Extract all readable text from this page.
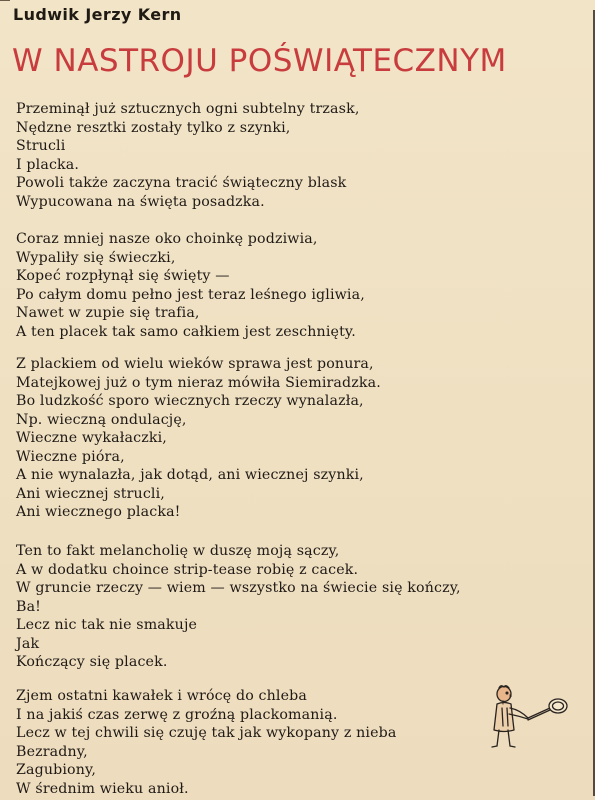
Ludwik Jerzy Kern
W NASTROJU POŚWIĄTECZNYM
Przeminął już sztucznych ogni subtelny trzask,
Nędzne resztki zostały tylko z szynki,
Strucli
I placka.
Powoli także zaczyna tracić świąteczny blask
Wypucowana na święta posadzka.
Coraz mniej nasze oko choinkę podziwia,
Wypaliły się świeczki,
Kopeć rozpłynął się święty —
Po całym domu pełno jest teraz leśnego igliwia,
Nawet w zupie się trafia,
A ten placek tak samo całkiem jest zeschnięty.
Z plackiem od wielu wieków sprawa jest ponura,
Matejkowej już o tym nieraz mówiła Siemiradzka.
Bo ludzkość sporo wiecznych rzeczy wynalazła,
Np. wieczną ondulację,
Wieczne wykałaczki,
Wieczne pióra,
A nie wynalazła, jak dotąd, ani wiecznej szynki,
Ani wiecznej strucli,
Ani wiecznego placka!
Ten to fakt melancholię w duszę moją sączy,
A w dodatku choince strip-tease robię z cacek.
W gruncie rzeczy — wiem — wszystko na świecie się kończy,
Ba!
Lecz nic tak nie smakuje
Jak
Kończący się placek.
Zjem ostatni kawałek i wrócę do chleba
I na jakiś czas zerwę z groźną plackomanią.
Lecz w tej chwili się czuję tak jak wykopany z nieba
Bezradny,
Zagubiony,
W średnim wieku anioł.
